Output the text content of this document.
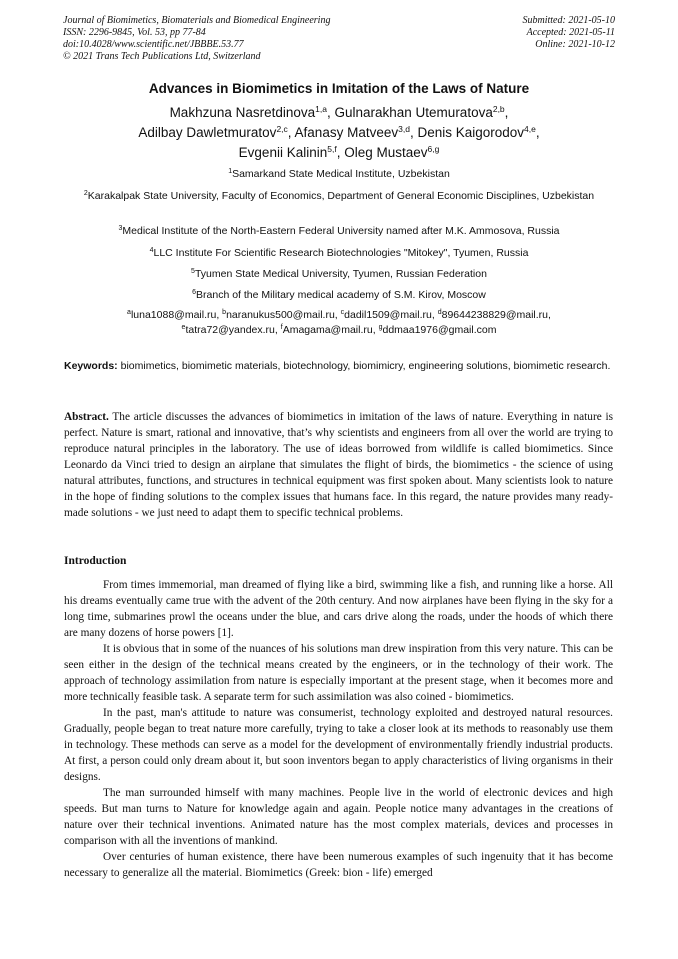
Journal of Biomimetics, Biomaterials and Biomedical Engineering
ISSN: 2296-9845, Vol. 53, pp 77-84
doi:10.4028/www.scientific.net/JBBBE.53.77
© 2021 Trans Tech Publications Ltd, Switzerland
Submitted: 2021-05-10
Accepted: 2021-05-11
Online: 2021-10-12
Advances in Biomimetics in Imitation of the Laws of Nature
Makhzuna Nasretdinova$^{1,a}$, Gulnarakhan Utemuratova$^{2,b}$,
Adilbay Dawletmuratov$^{2,c}$, Afanasy Matveev$^{3,d}$, Denis Kaigorodov$^{4,e}$,
Evgenii Kalinin$^{5,f}$, Oleg Mustaev$^{6,g}$
$^1$Samarkand State Medical Institute, Uzbekistan
$^2$Karakalpak State University, Faculty of Economics, Department of General Economic Disciplines, Uzbekistan
$^3$Medical Institute of the North-Eastern Federal University named after M.K. Ammosova, Russia
$^4$LLC Institute For Scientific Research Biotechnologies "Mitokey", Tyumen, Russia
$^5$Tyumen State Medical University, Tyumen, Russian Federation
$^6$Branch of the Military medical academy of S.M. Kirov, Moscow
$^a$luna1088@mail.ru, $^b$naranukus500@mail.ru, $^c$dadil1509@mail.ru, $^d$89644238829@mail.ru,
$^e$tatra72@yandex.ru, $^f$Amagama@mail.ru, $^g$ddmaa1976@gmail.com
Keywords: biomimetics, biomimetic materials, biotechnology, biomimicry, engineering solutions, biomimetic research.

Abstract. The article discusses the advances of biomimetics in imitation of the laws of nature. Everything in nature is perfect. Nature is smart, rational and innovative, that’s why scientists and engineers from all over the world are trying to reproduce natural principles in the laboratory. The use of ideas borrowed from wildlife is called biomimetics. Since Leonardo da Vinci tried to design an airplane that simulates the flight of birds, the biomimetics - the science of using natural attributes, functions, and structures in technical equipment was first spoken about. Many scientists look to nature in the hope of finding solutions to the complex issues that humans face. In this regard, the nature provides many ready-made solutions - we just need to adapt them to specific technical problems.

Introduction

From times immemorial, man dreamed of flying like a bird, swimming like a fish, and running like a horse. All his dreams eventually came true with the advent of the 20th century. And now airplanes have been flying in the sky for a long time, submarines prowl the oceans under the blue, and cars drive along the roads, under the hoods of which there are many dozens of horse powers [1].

It is obvious that in some of the nuances of his solutions man drew inspiration from this very nature. This can be seen either in the design of the technical means created by the engineers, or in the technology of their work. The approach of technology assimilation from nature is especially important at the present stage, when it becomes more and more technically feasible task. A separate term for such assimilation was also coined - biomimetics.

In the past, man's attitude to nature was consumerist, technology exploited and destroyed natural resources. Gradually, people began to treat nature more carefully, trying to take a closer look at its methods to reasonably use them in technology. These methods can serve as a model for the development of environmentally friendly industrial products. At first, a person could only dream about it, but soon inventors began to apply characteristics of living organisms in their designs.

The man surrounded himself with many machines. People live in the world of electronic devices and high speeds. But man turns to Nature for knowledge again and again. People notice many advantages in the creations of nature over their technical inventions. Animated nature has the most complex materials, devices and processes in comparison with all the inventions of mankind.

Over centuries of human existence, there have been numerous examples of such ingenuity that it has become necessary to generalize all the material. Biomimetics (Greek: bion - life) emerged
